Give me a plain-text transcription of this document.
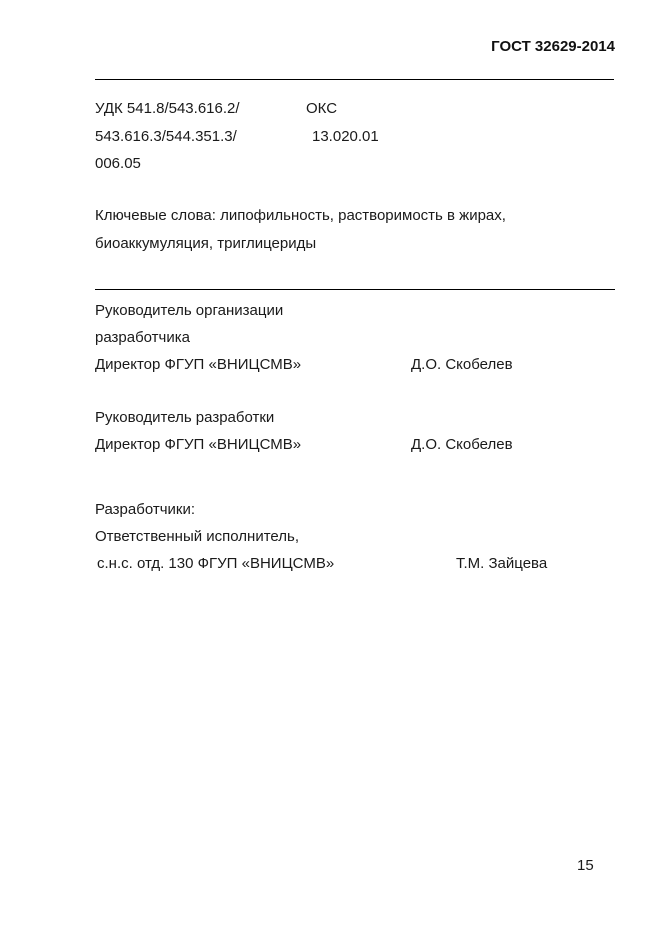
ГОСТ 32629-2014
УДК 541.8/543.616.2/	ОКС
543.616.3/544.351.3/	13.020.01
006.05
Ключевые слова: липофильность, растворимость в жирах,
биоаккумуляция, триглицериды
Руководитель организации
разработчика
Директор ФГУП «ВНИЦСМВ»	Д.О. Скобелев
Руководитель разработки
Директор ФГУП «ВНИЦСМВ»	Д.О. Скобелев
Разработчики:
Ответственный исполнитель,
с.н.с. отд. 130 ФГУП «ВНИЦСМВ»	Т.М. Зайцева
15
